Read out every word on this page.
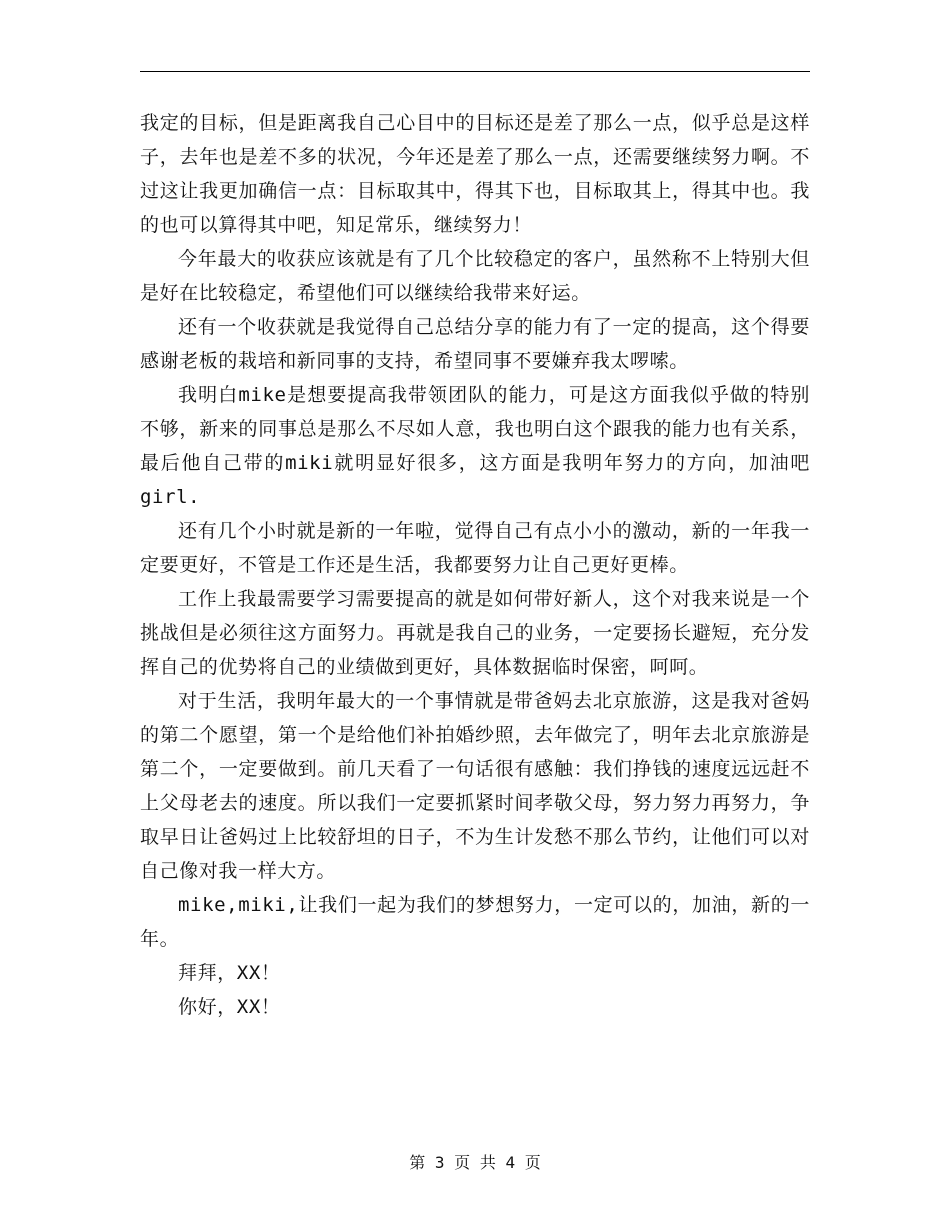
我定的目标，但是距离我自己心目中的目标还是差了那么一点，似乎总是这样子，去年也是差不多的状况，今年还是差了那么一点，还需要继续努力啊。不过这让我更加确信一点：目标取其中，得其下也，目标取其上，得其中也。我的也可以算得其中吧，知足常乐，继续努力！

今年最大的收获应该就是有了几个比较稳定的客户，虽然称不上特别大但是好在比较稳定，希望他们可以继续给我带来好运。

还有一个收获就是我觉得自己总结分享的能力有了一定的提高，这个得要感谢老板的栽培和新同事的支持，希望同事不要嫌弃我太啰嗦。

我明白mike是想要提高我带领团队的能力，可是这方面我似乎做的特别不够，新来的同事总是那么不尽如人意，我也明白这个跟我的能力也有关系，最后他自己带的miki就明显好很多，这方面是我明年努力的方向，加油吧girl.

还有几个小时就是新的一年啦，觉得自己有点小小的激动，新的一年我一定要更好，不管是工作还是生活，我都要努力让自己更好更棒。

工作上我最需要学习需要提高的就是如何带好新人，这个对我来说是一个挑战但是必须往这方面努力。再就是我自己的业务，一定要扬长避短，充分发挥自己的优势将自己的业绩做到更好，具体数据临时保密，呵呵。

对于生活，我明年最大的一个事情就是带爸妈去北京旅游，这是我对爸妈的第二个愿望，第一个是给他们补拍婚纱照，去年做完了，明年去北京旅游是第二个，一定要做到。前几天看了一句话很有感触：我们挣钱的速度远远赶不上父母老去的速度。所以我们一定要抓紧时间孝敬父母，努力努力再努力，争取早日让爸妈过上比较舒坦的日子，不为生计发愁不那么节约，让他们可以对自己像对我一样大方。

mike,miki,让我们一起为我们的梦想努力，一定可以的，加油，新的一年。

拜拜，XX！

你好，XX！

第 3 页 共 4 页
